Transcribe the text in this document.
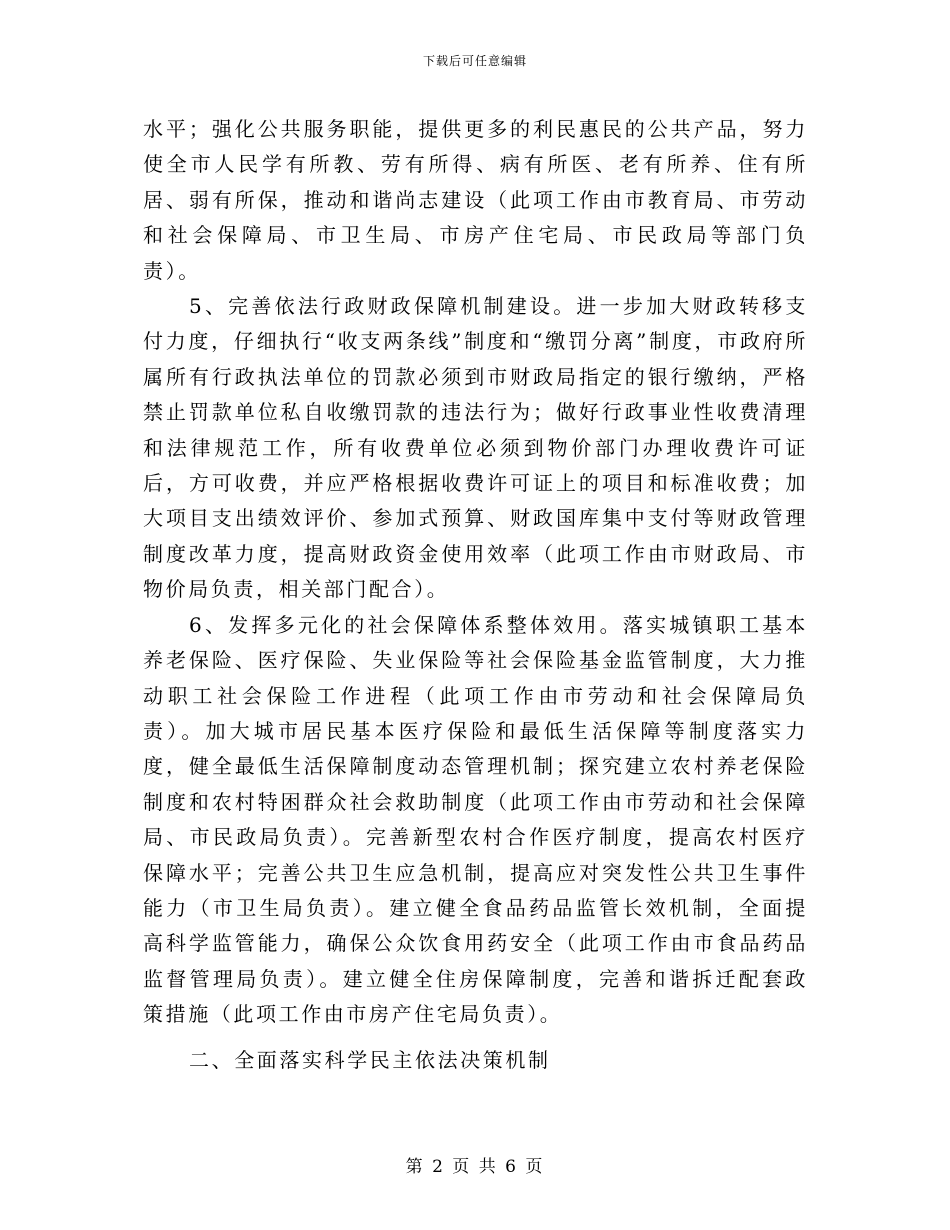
下载后可任意编辑

水平；强化公共服务职能，提供更多的利民惠民的公共产品，努力使全市人民学有所教、劳有所得、病有所医、老有所养、住有所居、弱有所保，推动和谐尚志建设（此项工作由市教育局、市劳动和社会保障局、市卫生局、市房产住宅局、市民政局等部门负责）。

5、完善依法行政财政保障机制建设。进一步加大财政转移支付力度，仔细执行“收支两条线”制度和“缴罚分离”制度，市政府所属所有行政执法单位的罚款必须到市财政局指定的银行缴纳，严格禁止罚款单位私自收缴罚款的违法行为；做好行政事业性收费清理和法律规范工作，所有收费单位必须到物价部门办理收费许可证后，方可收费，并应严格根据收费许可证上的项目和标准收费；加大项目支出绩效评价、参加式预算、财政国库集中支付等财政管理制度改革力度，提高财政资金使用效率（此项工作由市财政局、市物价局负责，相关部门配合）。

6、发挥多元化的社会保障体系整体效用。落实城镇职工基本养老保险、医疗保险、失业保险等社会保险基金监管制度，大力推动职工社会保险工作进程（此项工作由市劳动和社会保障局负责）。加大城市居民基本医疗保险和最低生活保障等制度落实力度，健全最低生活保障制度动态管理机制；探究建立农村养老保险制度和农村特困群众社会救助制度（此项工作由市劳动和社会保障局、市民政局负责）。完善新型农村合作医疗制度，提高农村医疗保障水平；完善公共卫生应急机制，提高应对突发性公共卫生事件能力（市卫生局负责）。建立健全食品药品监管长效机制，全面提高科学监管能力，确保公众饮食用药安全（此项工作由市食品药品监督管理局负责）。建立健全住房保障制度，完善和谐拆迁配套政策措施（此项工作由市房产住宅局负责）。

二、全面落实科学民主依法决策机制

第 2 页 共 6 页
